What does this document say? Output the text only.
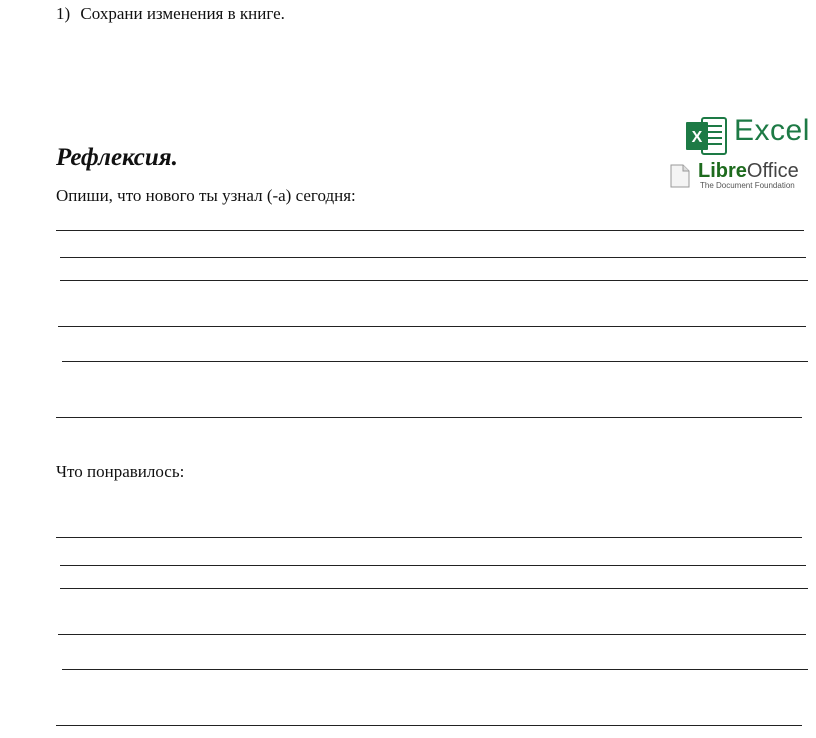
1) Сохрани изменения в книге.
X Excel
LibreOffice
The Document Foundation
Рефлексия.
Опиши, что нового ты узнал (-а) сегодня:
Что понравилось:
